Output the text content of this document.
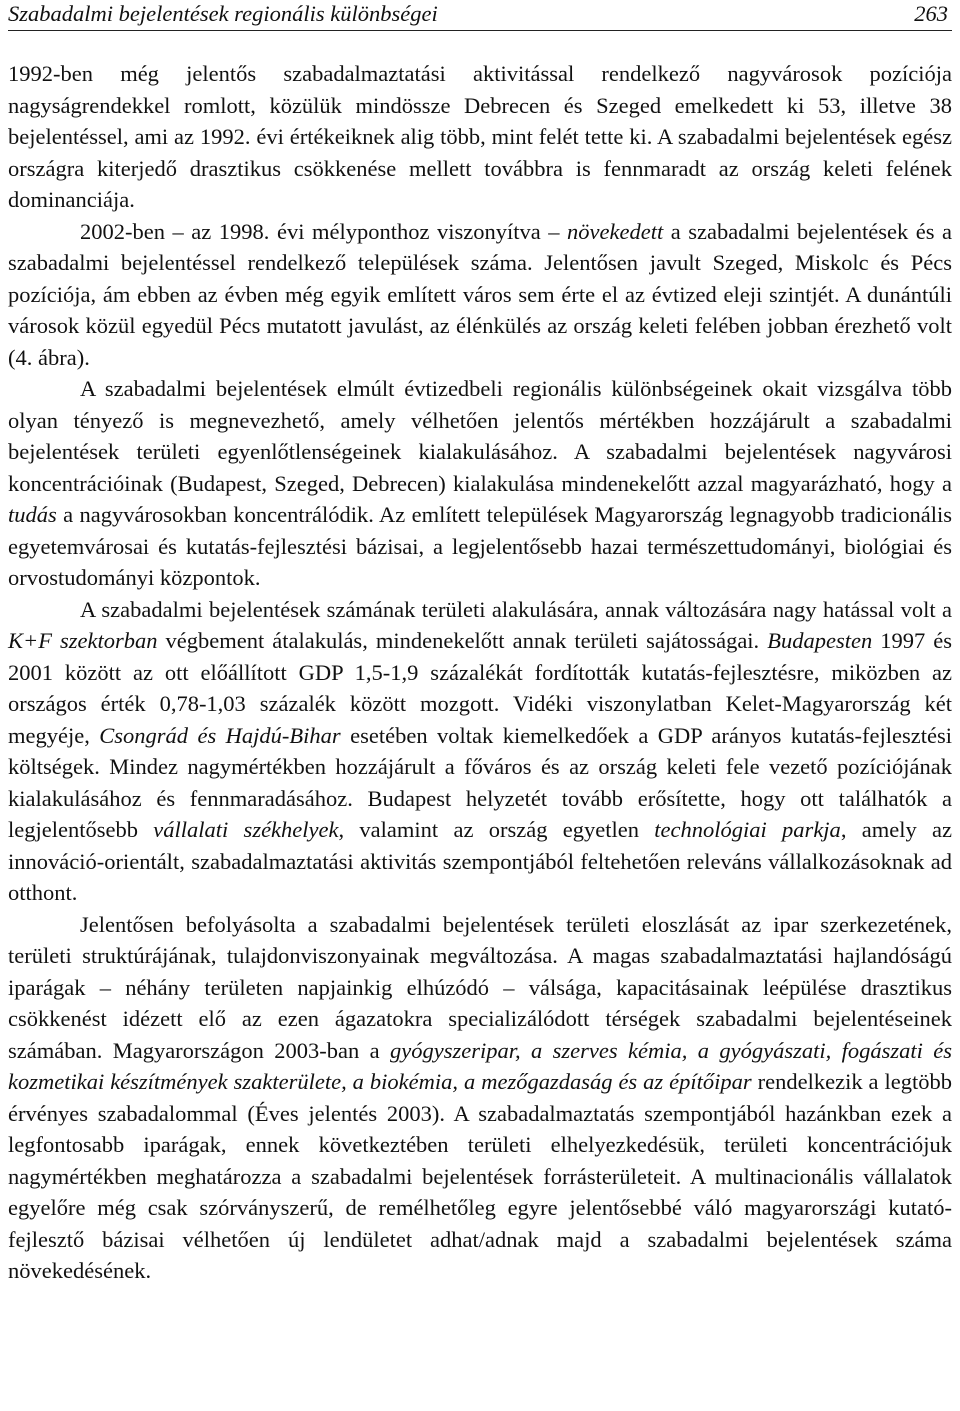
Szabadalmi bejelentések regionális különbségei	263

1992-ben még jelentős szabadalmaztatási aktivitással rendelkező nagyvárosok pozíciója nagyságrendekkel romlott, közülük mindössze Debrecen és Szeged emelkedett ki 53, illetve 38 bejelentéssel, ami az 1992. évi értékeiknek alig több, mint felét tette ki. A szabadalmi bejelentések egész országra kiterjedő drasztikus csökkenése mellett továbbra is fennmaradt az ország keleti felének dominanciája.

2002-ben – az 1998. évi mélyponthoz viszonyítva – növekedett a szabadalmi bejelentések és a szabadalmi bejelentéssel rendelkező települések száma. Jelentősen javult Szeged, Miskolc és Pécs pozíciója, ám ebben az évben még egyik említett város sem érte el az évtized eleji szintjét. A dunántúli városok közül egyedül Pécs mutatott javulást, az élénkülés az ország keleti felében jobban érezhető volt (4. ábra).

A szabadalmi bejelentések elmúlt évtizedbeli regionális különbségeinek okait vizsgálva több olyan tényező is megnevezhető, amely vélhetően jelentős mértékben hozzájárult a szabadalmi bejelentések területi egyenlőtlenségeinek kialakulásához. A szabadalmi bejelentések nagyvárosi koncentrációinak (Budapest, Szeged, Debrecen) kialakulása mindenekelőtt azzal magyarázható, hogy a tudás a nagyvárosokban koncentrálódik. Az említett települések Magyarország legnagyobb tradicionális egyetemvárosai és kutatás-fejlesztési bázisai, a legjelentősebb hazai természettudományi, biológiai és orvostudományi központok.

A szabadalmi bejelentések számának területi alakulására, annak változására nagy hatással volt a K+F szektorban végbement átalakulás, mindenekelőtt annak területi sajátosságai. Budapesten 1997 és 2001 között az ott előállított GDP 1,5-1,9 százalékát fordították kutatás-fejlesztésre, miközben az országos érték 0,78-1,03 százalék között mozgott. Vidéki viszonylatban Kelet-Magyarország két megyéje, Csongrád és Hajdú-Bihar esetében voltak kiemelkedőek a GDP arányos kutatás-fejlesztési költségek. Mindez nagymértékben hozzájárult a főváros és az ország keleti fele vezető pozíciójának kialakulásához és fennmaradásához. Budapest helyzetét tovább erősítette, hogy ott találhatók a legjelentősebb vállalati székhelyek, valamint az ország egyetlen technológiai parkja, amely az innováció-orientált, szabadalmaztatási aktivitás szempontjából feltehetően releváns vállalkozásoknak ad otthont.

Jelentősen befolyásolta a szabadalmi bejelentések területi eloszlását az ipar szerkezetének, területi struktúrájának, tulajdonviszonyainak megváltozása. A magas szabadalmaztatási hajlandóságú iparágak – néhány területen napjainkig elhúzódó – válsága, kapacitásainak leépülése drasztikus csökkenést idézett elő az ezen ágazatokra specializálódott térségek szabadalmi bejelentéseinek számában. Magyarországon 2003-ban a gyógyszeripar, a szerves kémia, a gyógyászati, fogászati és kozmetikai készítmények szakterülete, a biokémia, a mezőgazdaság és az építőipar rendelkezik a legtöbb érvényes szabadalommal (Éves jelentés 2003). A szabadalmaztatás szempontjából hazánkban ezek a legfontosabb iparágak, ennek következtében területi elhelyezkedésük, területi koncentrációjuk nagymértékben meghatározza a szabadalmi bejelentések forrásterületeit. A multinacionális vállalatok egyelőre még csak szórványszerű, de remélhetőleg egyre jelentősebbé váló magyarországi kutató-fejlesztő bázisai vélhetően új lendületet adhat/adnak majd a szabadalmi bejelentések száma növekedésének.
